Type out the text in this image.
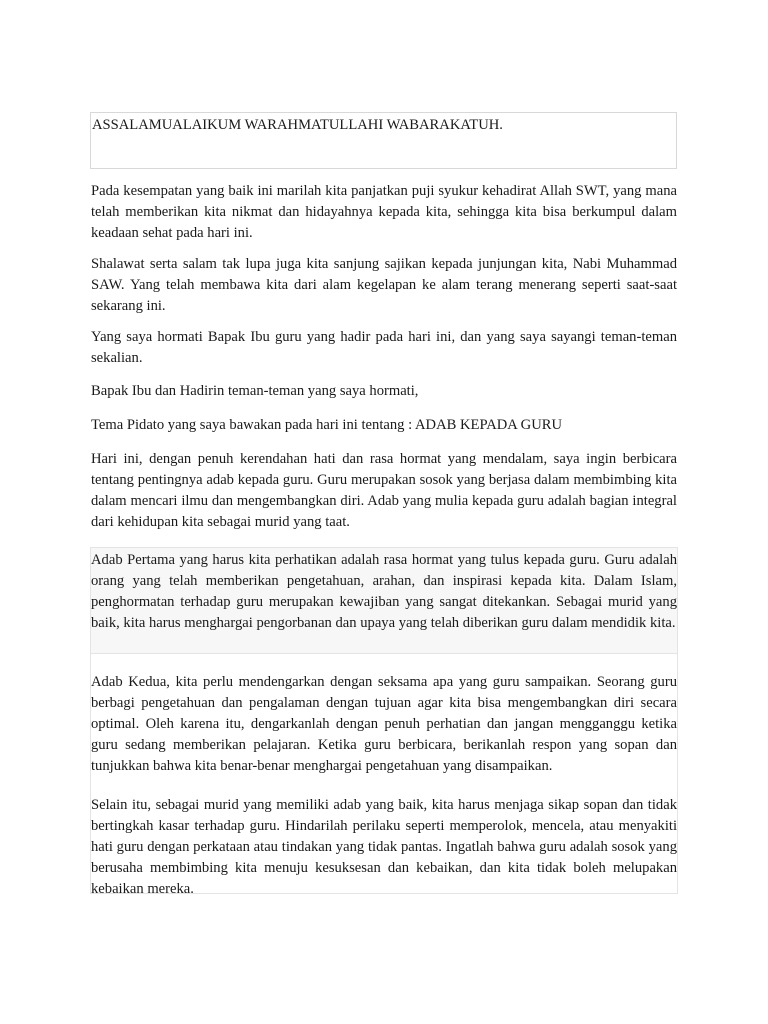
ASSALAMUALAIKUM WARAHMATULLAHI WABARAKATUH.

Pada kesempatan yang baik ini marilah kita panjatkan puji syukur kehadirat Allah SWT, yang mana telah memberikan kita nikmat dan hidayahnya kepada kita, sehingga kita bisa berkumpul dalam keadaan sehat pada hari ini.

Shalawat serta salam tak lupa juga kita sanjung sajikan kepada junjungan kita, Nabi Muhammad SAW. Yang telah membawa kita dari alam kegelapan ke alam terang menerang seperti saat-saat sekarang ini.

Yang saya hormati Bapak Ibu guru yang hadir pada hari ini, dan yang saya sayangi teman-teman sekalian.

Bapak Ibu dan Hadirin teman-teman yang saya hormati,

Tema Pidato yang saya bawakan pada hari ini tentang : ADAB KEPADA GURU

Hari ini, dengan penuh kerendahan hati dan rasa hormat yang mendalam, saya ingin berbicara tentang pentingnya adab kepada guru. Guru merupakan sosok yang berjasa dalam membimbing kita dalam mencari ilmu dan mengembangkan diri. Adab yang mulia kepada guru adalah bagian integral dari kehidupan kita sebagai murid yang taat.

Adab Pertama yang harus kita perhatikan adalah rasa hormat yang tulus kepada guru. Guru adalah orang yang telah memberikan pengetahuan, arahan, dan inspirasi kepada kita. Dalam Islam, penghormatan terhadap guru merupakan kewajiban yang sangat ditekankan. Sebagai murid yang baik, kita harus menghargai pengorbanan dan upaya yang telah diberikan guru dalam mendidik kita.

Adab Kedua, kita perlu mendengarkan dengan seksama apa yang guru sampaikan. Seorang guru berbagi pengetahuan dan pengalaman dengan tujuan agar kita bisa mengembangkan diri secara optimal. Oleh karena itu, dengarkanlah dengan penuh perhatian dan jangan mengganggu ketika guru sedang memberikan pelajaran. Ketika guru berbicara, berikanlah respon yang sopan dan tunjukkan bahwa kita benar-benar menghargai pengetahuan yang disampaikan.

Selain itu, sebagai murid yang memiliki adab yang baik, kita harus menjaga sikap sopan dan tidak bertingkah kasar terhadap guru. Hindarilah perilaku seperti memperolok, mencela, atau menyakiti hati guru dengan perkataan atau tindakan yang tidak pantas. Ingatlah bahwa guru adalah sosok yang berusaha membimbing kita menuju kesuksesan dan kebaikan, dan kita tidak boleh melupakan kebaikan mereka.
